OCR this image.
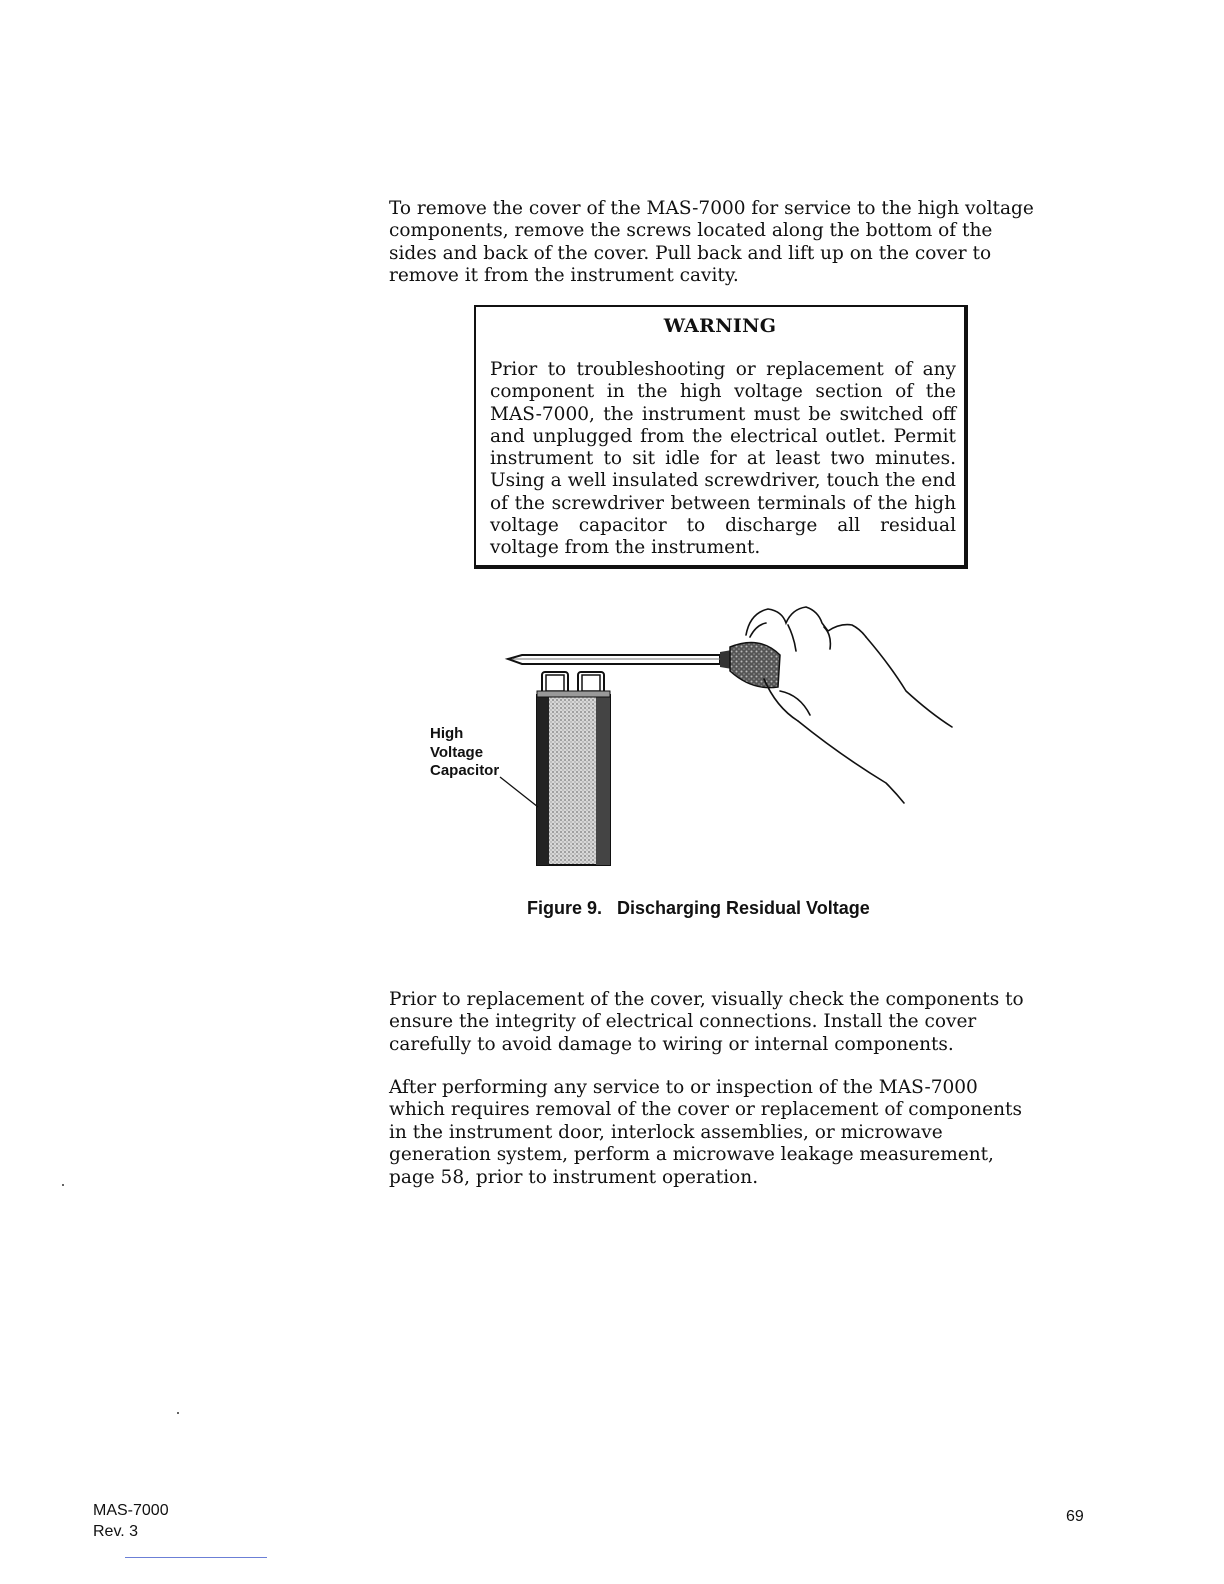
To remove the cover of the MAS-7000 for service to the high voltage components, remove the screws located along the bottom of the sides and back of the cover. Pull back and lift up on the cover to remove it from the instrument cavity.

WARNING
Prior to troubleshooting or replacement of any component in the high voltage section of the MAS-7000, the instrument must be switched off and unplugged from the electrical outlet. Permit instrument to sit idle for at least two minutes. Using a well insulated screwdriver, touch the end of the screwdriver between terminals of the high voltage capacitor to discharge all residual voltage from the instrument.
High
Voltage
Capacitor
Figure 9.   Discharging Residual Voltage

Prior to replacement of the cover, visually check the components to ensure the integrity of electrical connections. Install the cover carefully to avoid damage to wiring or internal components.

After performing any service to or inspection of the MAS-7000 which requires removal of the cover or replacement of components in the instrument door, interlock assemblies, or microwave generation system, perform a microwave leakage measurement, page 58, prior to instrument operation.

MAS-7000
Rev. 3
69
